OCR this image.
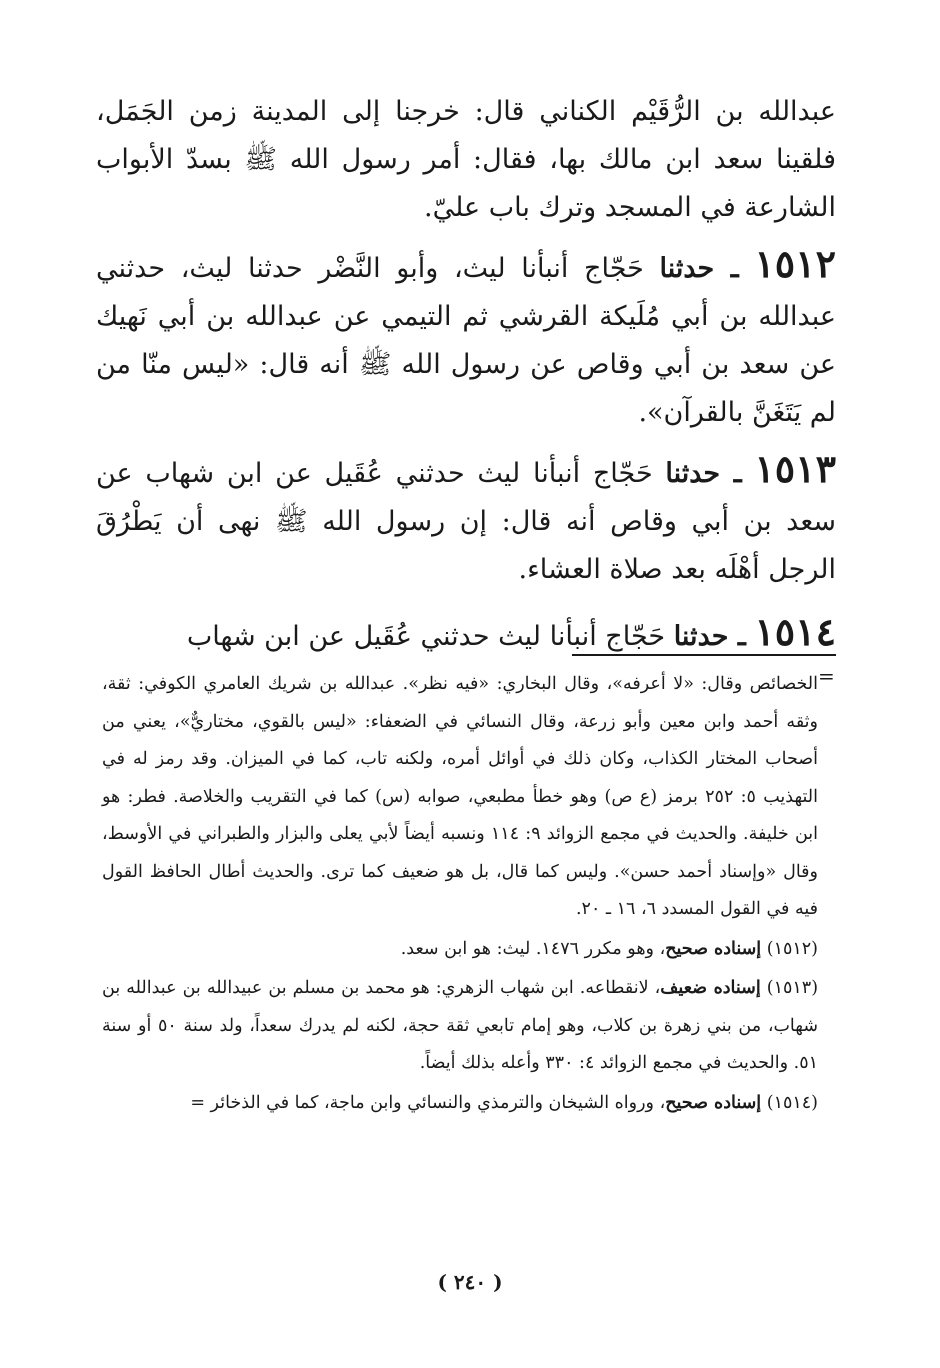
عبدالله بن الرُّقَيْم الكناني قال: خرجنا إلى المدينة زمن الجَمَل، فلقينا سعد ابن مالك بها، فقال: أمر رسول الله ﷺ بسدّ الأبواب الشارعة في المسجد وترك باب عليّ.

١٥١٢ ـ حدثنا حَجّاج أنبأنا ليث، وأبو النَّضْر حدثنا ليث، حدثني عبدالله بن أبي مُلَيكة القرشي ثم التيمي عن عبدالله بن أبي نَهيك عن سعد بن أبي وقاص عن رسول الله ﷺ أنه قال: «ليس منّا من لم يَتَغَنَّ بالقرآن».

١٥١٣ ـ حدثنا حَجّاج أنبأنا ليث حدثني عُقَيل عن ابن شهاب عن سعد بن أبي وقاص أنه قال: إن رسول الله ﷺ نهى أن يَطْرُقَ الرجل أهْلَه بعد صلاة العشاء.

١٥١٤ ـ حدثنا حَجّاج أنبأنا ليث حدثني عُقَيل عن ابن شهاب

=

الخصائص وقال: «لا أعرفه»، وقال البخاري: «فيه نظر». عبدالله بن شريك العامري الكوفي: ثقة، وثقه أحمد وابن معين وأبو زرعة، وقال النسائي في الضعفاء: «ليس بالقوي، مختاريٌّ»، يعني من أصحاب المختار الكذاب، وكان ذلك في أوائل أمره، ولكنه تاب، كما في الميزان. وقد رمز له في التهذيب ٥: ٢٥٢ برمز (ع ص) وهو خطأ مطبعي، صوابه (س) كما في التقريب والخلاصة. فطر: هو ابن خليفة. والحديث في مجمع الزوائد ٩: ١١٤ ونسبه أيضاً لأبي يعلى والبزار والطبراني في الأوسط، وقال «وإسناد أحمد حسن». وليس كما قال، بل هو ضعيف كما ترى. والحديث أطال الحافظ القول فيه في القول المسدد ٦، ١٦ ـ ٢٠.

(١٥١٢) إسناده صحيح، وهو مكرر ١٤٧٦. ليث: هو ابن سعد.

(١٥١٣) إسناده ضعيف، لانقطاعه. ابن شهاب الزهري: هو محمد بن مسلم بن عبيدالله بن عبدالله بن شهاب، من بني زهرة بن كلاب، وهو إمام تابعي ثقة حجة، لكنه لم يدرك سعداً، ولد سنة ٥٠ أو سنة ٥١. والحديث في مجمع الزوائد ٤: ٣٣٠ وأعله بذلك أيضاً.

(١٥١٤) إسناده صحيح، ورواه الشيخان والترمذي والنسائي وابن ماجة، كما في الذخائر =

( ٢٤٠ )
